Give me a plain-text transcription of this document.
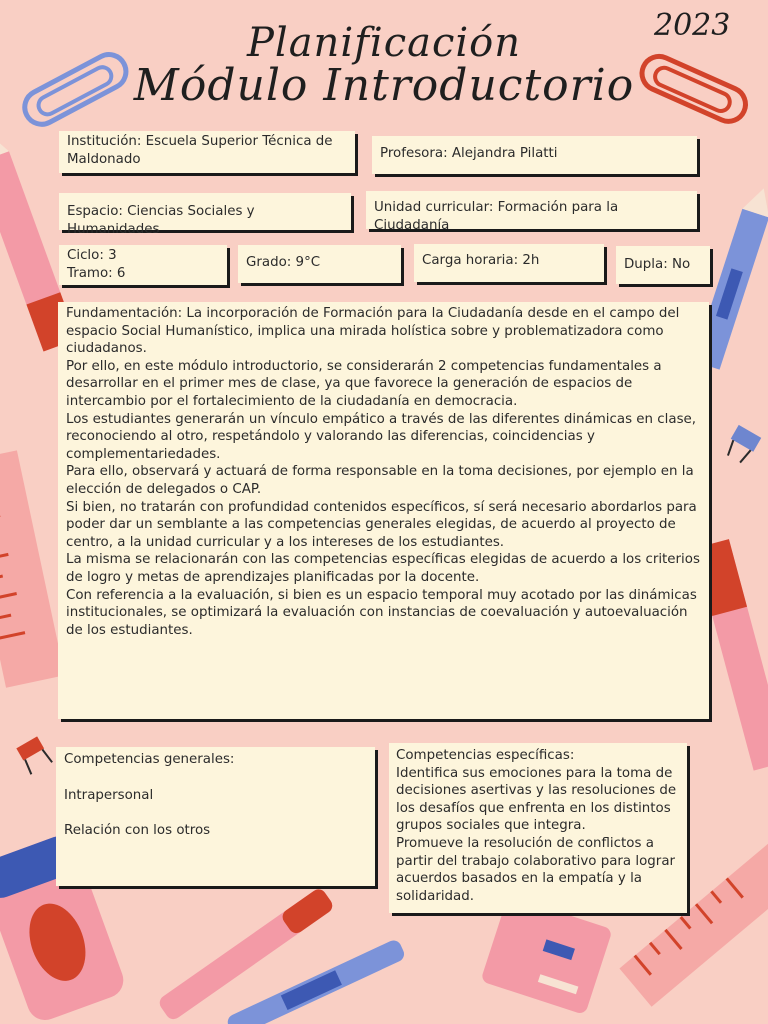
Planificación
Módulo Introductorio
2023
Institución: Escuela Superior Técnica de
Maldonado	Profesora: Alejandra Pilatti
Espacio: Ciencias Sociales y Humanidades
Unidad curricular: Formación para la Ciudadanía
Ciclo: 3
Tramo: 6
Grado: 9°C	Carga horaria: 2h	Dupla: No

Fundamentación: La incorporación de Formación para la Ciudadanía desde en el campo del espacio Social Humanístico, implica una mirada holística sobre y problematizadora como ciudadanos.

Por ello, en este módulo introductorio, se considerarán 2 competencias fundamentales a desarrollar en el primer mes de clase, ya que favorece la generación de espacios de intercambio por el fortalecimiento de la ciudadanía en democracia.

Los estudiantes generarán un vínculo empático a través de las diferentes dinámicas en clase, reconociendo al otro, respetándolo y valorando las diferencias, coincidencias y complementariedades.

Para ello, observará y actuará de forma responsable en la toma decisiones, por ejemplo en la elección de delegados o CAP.

Si bien, no tratarán con profundidad contenidos específicos, sí será necesario abordarlos para poder dar un semblante a las competencias generales elegidas, de acuerdo al proyecto de centro, a la unidad curricular y a los intereses de los estudiantes.

La misma se relacionarán con las competencias específicas elegidas de acuerdo a los criterios de logro y metas de aprendizajes planificadas por la docente.

Con referencia a la evaluación, si bien es un espacio temporal muy acotado por las dinámicas institucionales, se optimizará la evaluación con instancias de coevaluación y autoevaluación de los estudiantes.

Competencias generales:

Intrapersonal

Relación con los otros

Competencias específicas:

Identifica sus emociones para la toma de decisiones asertivas y las resoluciones de los desafíos que enfrenta en los distintos grupos sociales que integra.

Promueve la resolución de conflictos a partir del trabajo colaborativo para lograr acuerdos basados en la empatía y la solidaridad.
